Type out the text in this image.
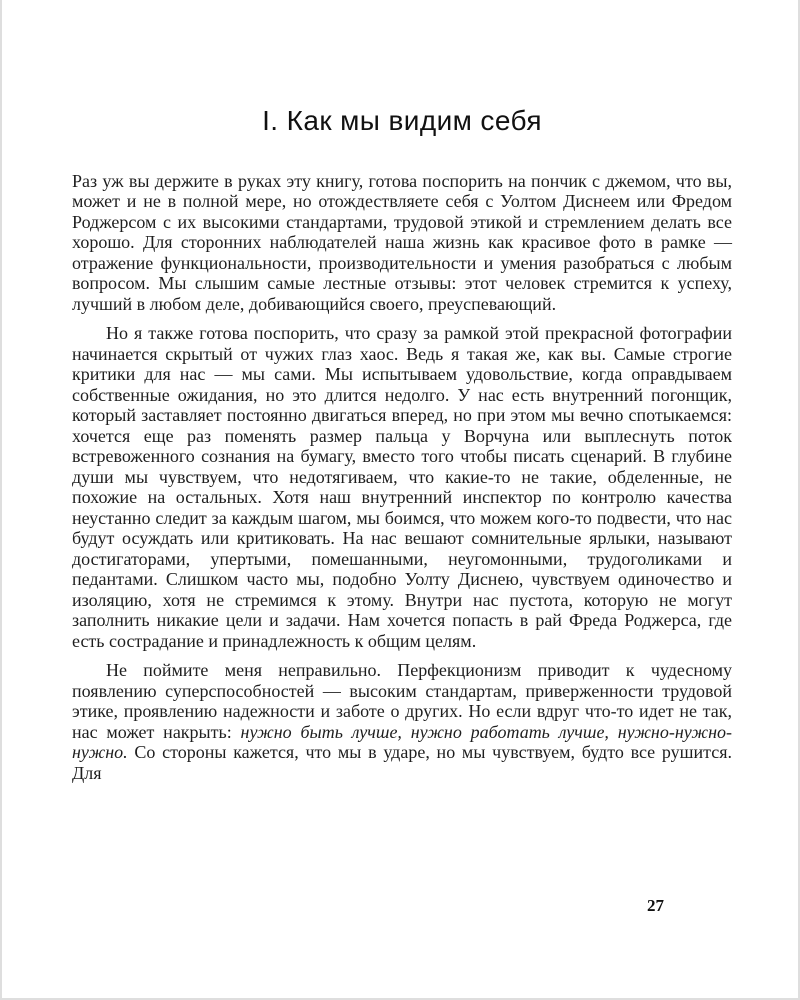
I. Как мы видим себя

Раз уж вы держите в руках эту книгу, готова поспорить на пончик с джемом, что вы, может и не в полной мере, но отождествляете себя с Уолтом Диснеем или Фредом Роджерсом с их высокими стандартами, трудовой этикой и стремлением делать все хорошо. Для сторонних наблюдателей наша жизнь как красивое фото в рамке — отражение функциональности, производительности и умения разобраться с любым вопросом. Мы слышим самые лестные отзывы: этот человек стремится к успеху, лучший в любом деле, добивающийся своего, преуспевающий.

Но я также готова поспорить, что сразу за рамкой этой прекрасной фотографии начинается скрытый от чужих глаз хаос. Ведь я такая же, как вы. Самые строгие критики для нас — мы сами. Мы испытываем удовольствие, когда оправдываем собственные ожидания, но это длится недолго. У нас есть внутренний погонщик, который заставляет постоянно двигаться вперед, но при этом мы вечно спотыкаемся: хочется еще раз поменять размер пальца у Ворчуна или выплеснуть поток встревоженного сознания на бумагу, вместо того чтобы писать сценарий. В глубине души мы чувствуем, что недотягиваем, что какие-то не такие, обделенные, не похожие на остальных. Хотя наш внутренний инспектор по контролю качества неустанно следит за каждым шагом, мы боимся, что можем кого-то подвести, что нас будут осуждать или критиковать. На нас вешают сомнительные ярлыки, называют достигаторами, упертыми, помешанными, неугомонными, трудоголиками и педантами. Слишком часто мы, подобно Уолту Диснею, чувствуем одиночество и изоляцию, хотя не стремимся к этому. Внутри нас пустота, которую не могут заполнить никакие цели и задачи. Нам хочется попасть в рай Фреда Роджерса, где есть сострадание и принадлежность к общим целям.

Не поймите меня неправильно. Перфекционизм приводит к чудесному появлению суперспособностей — высоким стандартам, приверженности трудовой этике, проявлению надежности и заботе о других. Но если вдруг что-то идет не так, нас может накрыть: нужно быть лучше, нужно работать лучше, нужно-нужно-нужно. Со стороны кажется, что мы в ударе, но мы чувствуем, будто все рушится. Для

27
